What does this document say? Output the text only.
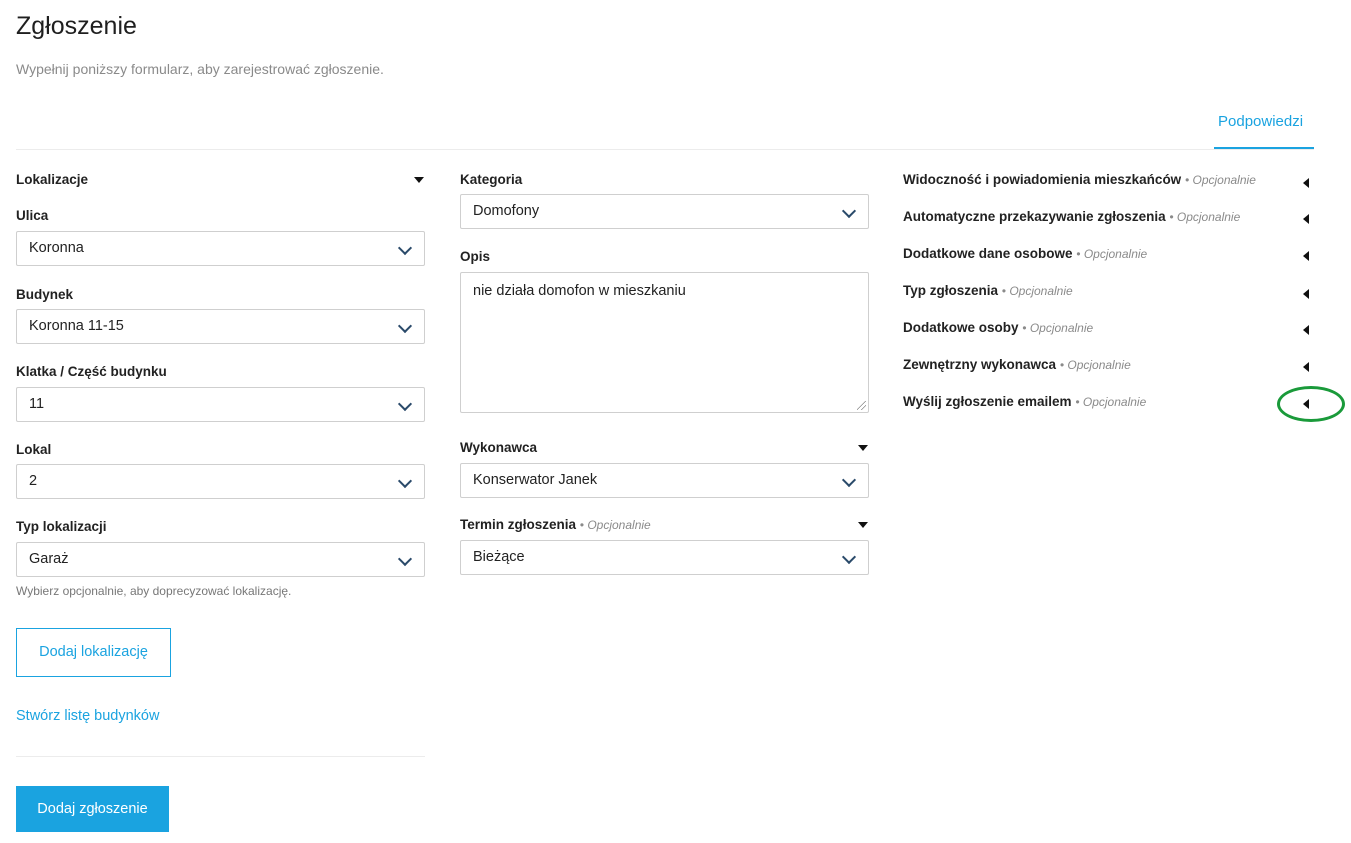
Zgłoszenie
Wypełnij poniższy formularz, aby zarejestrować zgłoszenie.
Podpowiedzi
Lokalizacje
Ulica
Koronna
Budynek
Koronna 11-15
Klatka / Część budynku
11
Lokal
2
Typ lokalizacji
Garaż
Wybierz opcjonalnie, aby doprecyzować lokalizację.
Dodaj lokalizację
Stwórz listę budynków
Dodaj zgłoszenie
Kategoria
Domofony
Opis
nie działa domofon w mieszkaniu
Wykonawca
Konserwator Janek
Termin zgłoszenia • Opcjonalnie
Bieżące
Widoczność i powiadomienia mieszkańców • Opcjonalnie
Automatyczne przekazywanie zgłoszenia • Opcjonalnie
Dodatkowe dane osobowe • Opcjonalnie
Typ zgłoszenia • Opcjonalnie
Dodatkowe osoby • Opcjonalnie
Zewnętrzny wykonawca • Opcjonalnie
Wyślij zgłoszenie emailem • Opcjonalnie
